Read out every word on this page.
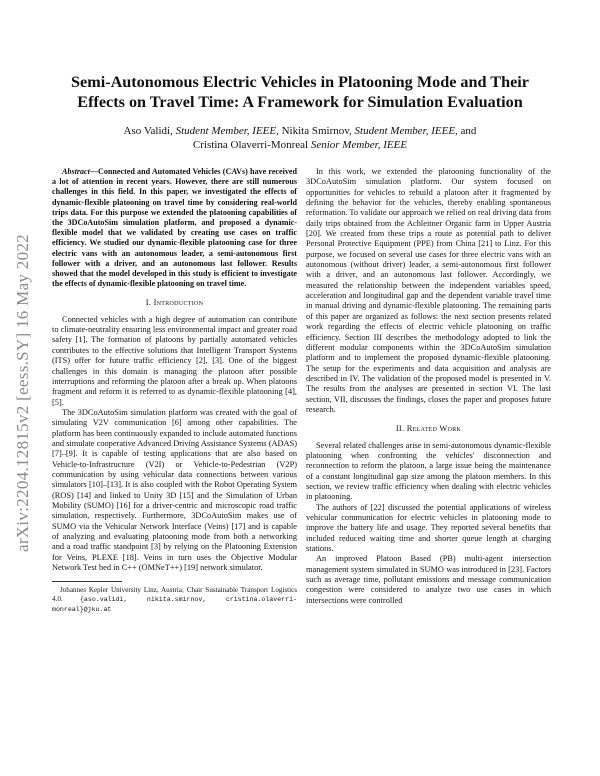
Semi-Autonomous Electric Vehicles in Platooning Mode and Their
Effects on Travel Time: A Framework for Simulation Evaluation
Aso Validi, Student Member, IEEE, Nikita Smirnov, Student Member, IEEE, and
Cristina Olaverri-Monreal Senior Member, IEEE
arXiv:2204.12815v2 [eess.SY] 16 May 2022

Abstract—Connected and Automated Vehicles (CAVs) have received a lot of attention in recent years. However, there are still numerous challenges in this field. In this paper, we investigated the effects of dynamic-flexible platooning on travel time by considering real-world trips data. For this purpose we extended the platooning capabilities of the 3DCoAutoSim simulation platform, and proposed a dynamic-flexible model that we validated by creating use cases on traffic efficiency. We studied our dynamic-flexible platooning case for three electric vans with an autonomous leader, a semi-autonomous first follower with a driver, and an autonomous last follower. Results showed that the model developed in this study is efficient to investigate the effects of dynamic-flexible platooning on travel time.

I. Introduction

Connected vehicles with a high degree of automation can contribute to climate-neutrality ensuring less environmental impact and greater road safety [1]. The formation of platoons by partially automated vehicles contributes to the effective solutions that Intelligent Transport Systems (ITS) offer for future traffic efficiency [2], [3]. One of the biggest challenges in this domain is managing the platoon after possible interruptions and reforming the platoon after a break up. When platoons fragment and reform it is referred to as dynamic-flexible platooning [4], [5].

The 3DCoAutoSim simulation platform was created with the goal of simulating V2V communication [6] among other capabilities. The platform has been continuously expanded to include automated functions and simulate cooperative Advanced Driving Assistance Systems (ADAS) [7]–[9]. It is capable of testing applications that are also based on Vehicle-to-Infrastructure (V2I) or Vehicle-to-Pedestrian (V2P) communication by using vehicular data connections between various simulators [10]–[13]. It is also coupled with the Robot Operating System (ROS) [14] and linked to Unity 3D [15] and the Simulation of Urban Mobility (SUMO) [16] for a driver-centric and microscopic road traffic simulation, respectively. Furthermore, 3DCoAutoSim makes use of SUMO via the Vehicular Network Interface (Veins) [17] and is capable of analyzing and evaluating platooning mode from both a networking and a road traffic standpoint [3] by relying on the Platooning Extension for Veins, PLEXE [18]. Veins in turn uses the Objective Modular Network Test bed in C++ (OMNeT++) [19] network simulator.

Johannes Kepler University Linz, Austria; Chair Sustainable Transport Logistics 4.0. {aso.validi, nikita.smirnov, cristina.olaverri-monreal}@jku.at

In this work, we extended the platooning functionality of the 3DCoAutoSim simulation platform. Our system focused on opportunities for vehicles to rebuild a platoon after it fragmented by defining the behavior for the vehicles, thereby enabling spontaneous reformation. To validate our approach we relied on real driving data from daily trips obtained from the Achleitner Organic farm in Upper Austria [20]. We created from these trips a route as potential path to deliver Personal Protective Equipment (PPE) from China [21] to Linz. For this purpose, we focused on several use cases for three electric vans with an autonomous (without driver) leader, a semi-autonomous first follower with a driver, and an autonomous last follower. Accordingly, we measured the relationship between the independent variables speed, acceleration and longitudinal gap and the dependent variable travel time in manual driving and dynamic-flexible platooning. The remaining parts of this paper are organized as follows: the next section presents related work regarding the effects of electric vehicle platooning on traffic efficiency. Section III describes the methodology adopted to link the different modular components within the 3DCoAutoSim simulation platform and to implement the proposed dynamic-flexible platooning. The setup for the experiments and data acquisition and analysis are described in IV. The validation of the proposed model is presented in V. The results from the analyses are presented in section VI. The last section, VII, discusses the findings, closes the paper and proposes future research.

II. Related Work

Several related challenges arise in semi-autonomous dynamic-flexible platooning when confronting the vehicles' disconnection and reconnection to reform the platoon, a large issue being the maintenance of a constant longitudinal gap size among the platoon members. In this section, we review traffic efficiency when dealing with electric vehicles in platooning.

The authors of [22] discussed the potential applications of wireless vehicular communication for electric vehicles in platooning mode to improve the battery life and usage. They reported several benefits that included reduced waiting time and shorter queue length at charging stations.

An improved Platoon Based (PB) multi-agent intersection management system simulated in SUMO was introduced in [23]. Factors such as average time, pollutant emissions and message communication congestion were considered to analyze two use cases in which intersections were controlled
